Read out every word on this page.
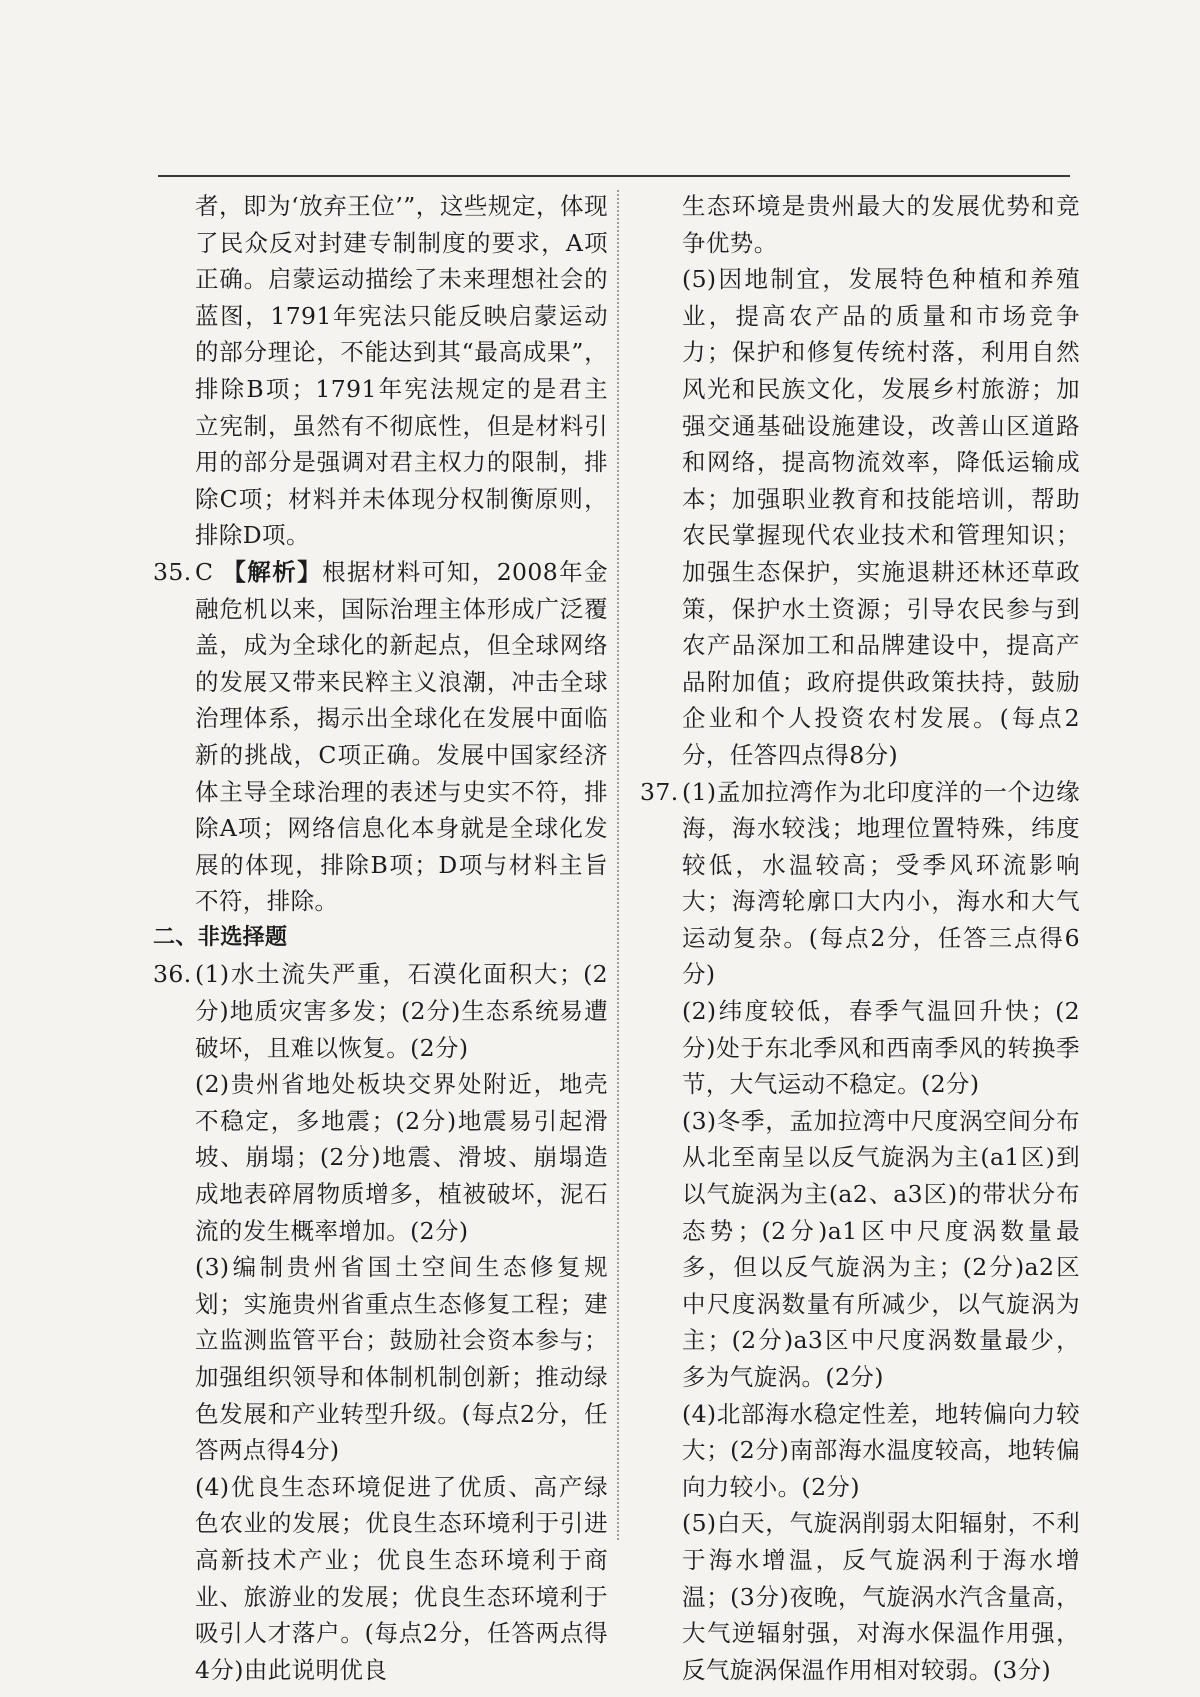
者，即为‘放弃王位’”，这些规定，体现了民众反对封建专制制度的要求，A项正确。启蒙运动描绘了未来理想社会的蓝图，1791年宪法只能反映启蒙运动的部分理论，不能达到其“最高成果”，排除B项；1791年宪法规定的是君主立宪制，虽然有不彻底性，但是材料引用的部分是强调对君主权力的限制，排除C项；材料并未体现分权制衡原则，排除D项。

35. C 【解析】根据材料可知，2008年金融危机以来，国际治理主体形成广泛覆盖，成为全球化的新起点，但全球网络的发展又带来民粹主义浪潮，冲击全球治理体系，揭示出全球化在发展中面临新的挑战，C项正确。发展中国家经济体主导全球治理的表述与史实不符，排除A项；网络信息化本身就是全球化发展的体现，排除B项；D项与材料主旨不符，排除。

二、非选择题

36. (1)水土流失严重，石漠化面积大；(2分)地质灾害多发；(2分)生态系统易遭破坏，且难以恢复。(2分)

(2)贵州省地处板块交界处附近，地壳不稳定，多地震；(2分)地震易引起滑坡、崩塌；(2分)地震、滑坡、崩塌造成地表碎屑物质增多，植被破坏，泥石流的发生概率增加。(2分)

(3)编制贵州省国土空间生态修复规划；实施贵州省重点生态修复工程；建立监测监管平台；鼓励社会资本参与；加强组织领导和体制机制创新；推动绿色发展和产业转型升级。(每点2分，任答两点得4分)

(4)优良生态环境促进了优质、高产绿色农业的发展；优良生态环境利于引进高新技术产业；优良生态环境利于商业、旅游业的发展；优良生态环境利于吸引人才落户。(每点2分，任答两点得4分)由此说明优良

生态环境是贵州最大的发展优势和竞争优势。

(5)因地制宜，发展特色种植和养殖业，提高农产品的质量和市场竞争力；保护和修复传统村落，利用自然风光和民族文化，发展乡村旅游；加强交通基础设施建设，改善山区道路和网络，提高物流效率，降低运输成本；加强职业教育和技能培训，帮助农民掌握现代农业技术和管理知识；加强生态保护，实施退耕还林还草政策，保护水土资源；引导农民参与到农产品深加工和品牌建设中，提高产品附加值；政府提供政策扶持，鼓励企业和个人投资农村发展。(每点2分，任答四点得8分)

37. (1)孟加拉湾作为北印度洋的一个边缘海，海水较浅；地理位置特殊，纬度较低，水温较高；受季风环流影响大；海湾轮廓口大内小，海水和大气运动复杂。(每点2分，任答三点得6分)

(2)纬度较低，春季气温回升快；(2分)处于东北季风和西南季风的转换季节，大气运动不稳定。(2分)

(3)冬季，孟加拉湾中尺度涡空间分布从北至南呈以反气旋涡为主(a1区)到以气旋涡为主(a2、a3区)的带状分布态势；(2分)a1区中尺度涡数量最多，但以反气旋涡为主；(2分)a2区中尺度涡数量有所减少，以气旋涡为主；(2分)a3区中尺度涡数量最少，多为气旋涡。(2分)

(4)北部海水稳定性差，地转偏向力较大；(2分)南部海水温度较高，地转偏向力较小。(2分)

(5)白天，气旋涡削弱太阳辐射，不利于海水增温，反气旋涡利于海水增温；(3分)夜晚，气旋涡水汽含量高，大气逆辐射强，对海水保温作用强，反气旋涡保温作用相对较弱。(3分)
